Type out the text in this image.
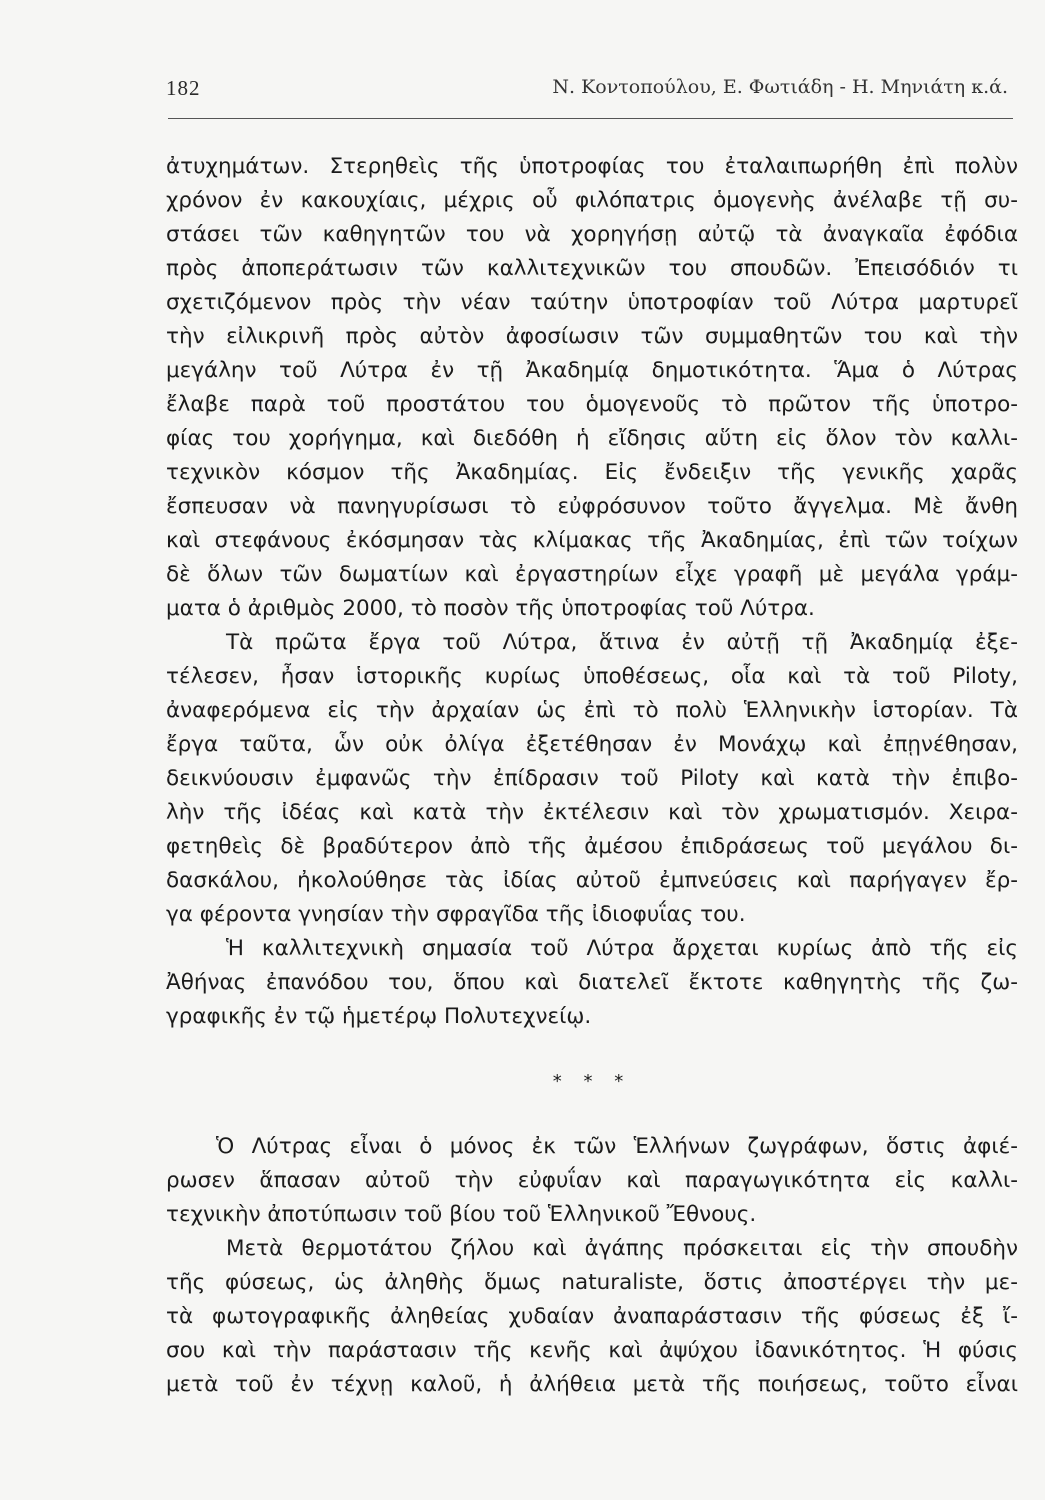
182	Ν. Κοντοπούλου, Ε. Φωτιάδη - Η. Μηνιάτη κ.ά.
ἀτυχημάτων. Στερηθεὶς τῆς ὑποτροφίας του ἐταλαιπωρήθη ἐπὶ πολὺν
χρόνον ἐν κακουχίαις, μέχρις οὗ φιλόπατρις ὁμογενὴς ἀνέλαβε τῇ συ-
στάσει τῶν καθηγητῶν του νὰ χορηγήσῃ αὐτῷ τὰ ἀναγκαῖα ἐφόδια
πρὸς ἀποπεράτωσιν τῶν καλλιτεχνικῶν του σπουδῶν. Ἐπεισόδιόν τι
σχετιζόμενον πρὸς τὴν νέαν ταύτην ὑποτροφίαν τοῦ Λύτρα μαρτυρεῖ
τὴν εἰλικρινῆ πρὸς αὐτὸν ἀφοσίωσιν τῶν συμμαθητῶν του καὶ τὴν
μεγάλην τοῦ Λύτρα ἐν τῇ Ἀκαδημίᾳ δημοτικότητα. Ἅμα ὁ Λύτρας
ἔλαβε παρὰ τοῦ προστάτου του ὁμογενοῦς τὸ πρῶτον τῆς ὑποτρο-
φίας του χορήγημα, καὶ διεδόθη ἡ εἴδησις αὕτη εἰς ὅλον τὸν καλλι-
τεχνικὸν κόσμον τῆς Ἀκαδημίας. Εἰς ἔνδειξιν τῆς γενικῆς χαρᾶς
ἔσπευσαν νὰ πανηγυρίσωσι τὸ εὐφρόσυνον τοῦτο ἄγγελμα. Μὲ ἄνθη
καὶ στεφάνους ἐκόσμησαν τὰς κλίμακας τῆς Ἀκαδημίας, ἐπὶ τῶν τοίχων
δὲ ὅλων τῶν δωματίων καὶ ἐργαστηρίων εἶχε γραφῆ μὲ μεγάλα γράμ-
ματα ὁ ἀριθμὸς 2000, τὸ ποσὸν τῆς ὑποτροφίας τοῦ Λύτρα.
Τὰ πρῶτα ἔργα τοῦ Λύτρα, ἅτινα ἐν αὐτῇ τῇ Ἀκαδημίᾳ ἐξε-
τέλεσεν, ἦσαν ἱστορικῆς κυρίως ὑποθέσεως, οἷα καὶ τὰ τοῦ Piloty,
ἀναφερόμενα εἰς τὴν ἀρχαίαν ὡς ἐπὶ τὸ πολὺ Ἑλληνικὴν ἱστορίαν. Τὰ
ἔργα ταῦτα, ὧν οὐκ ὀλίγα ἐξετέθησαν ἐν Μονάχῳ καὶ ἐπῃνέθησαν,
δεικνύουσιν ἐμφανῶς τὴν ἐπίδρασιν τοῦ Piloty καὶ κατὰ τὴν ἐπιβο-
λὴν τῆς ἰδέας καὶ κατὰ τὴν ἐκτέλεσιν καὶ τὸν χρωματισμόν. Χειρα-
φετηθεὶς δὲ βραδύτερον ἀπὸ τῆς ἀμέσου ἐπιδράσεως τοῦ μεγάλου δι-
δασκάλου, ἠκολούθησε τὰς ἰδίας αὐτοῦ ἐμπνεύσεις καὶ παρήγαγεν ἔρ-
γα φέροντα γνησίαν τὴν σφραγῖδα τῆς ἰδιοφυΐας του.
Ἡ καλλιτεχνικὴ σημασία τοῦ Λύτρα ἄρχεται κυρίως ἀπὸ τῆς εἰς
Ἀθήνας ἐπανόδου του, ὅπου καὶ διατελεῖ ἔκτοτε καθηγητὴς τῆς ζω-
γραφικῆς ἐν τῷ ἡμετέρῳ Πολυτεχνείῳ.
* * *
Ὁ Λύτρας εἶναι ὁ μόνος ἐκ τῶν Ἑλλήνων ζωγράφων, ὅστις ἀφιέ-
ρωσεν ἅπασαν αὐτοῦ τὴν εὐφυΐαν καὶ παραγωγικότητα εἰς καλλι-
τεχνικὴν ἀποτύπωσιν τοῦ βίου τοῦ Ἑλληνικοῦ Ἔθνους.
Μετὰ θερμοτάτου ζήλου καὶ ἀγάπης πρόσκειται εἰς τὴν σπουδὴν
τῆς φύσεως, ὡς ἀληθὴς ὅμως naturaliste, ὅστις ἀποστέργει τὴν με-
τὰ φωτογραφικῆς ἀληθείας χυδαίαν ἀναπαράστασιν τῆς φύσεως ἐξ ἴ-
σου καὶ τὴν παράστασιν τῆς κενῆς καὶ ἀψύχου ἰδανικότητος. Ἡ φύσις
μετὰ τοῦ ἐν τέχνῃ καλοῦ, ἡ ἀλήθεια μετὰ τῆς ποιήσεως, τοῦτο εἶναι
